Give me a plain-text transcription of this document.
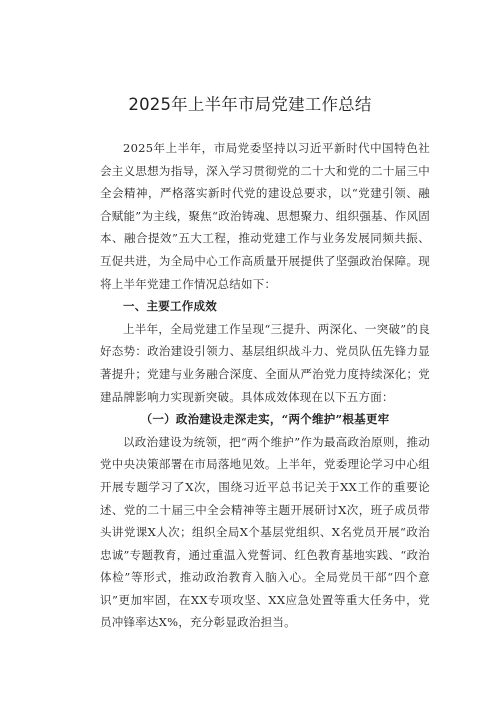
2025年上半年市局党建工作总结

2025年上半年，市局党委坚持以习近平新时代中国特色社会主义思想为指导，深入学习贯彻党的二十大和党的二十届三中全会精神，严格落实新时代党的建设总要求，以“党建引领、融合赋能”为主线，聚焦“政治铸魂、思想聚力、组织强基、作风固本、融合提效”五大工程，推动党建工作与业务发展同频共振、互促共进，为全局中心工作高质量开展提供了坚强政治保障。现将上半年党建工作情况总结如下：

一、主要工作成效

上半年，全局党建工作呈现“三提升、两深化、一突破”的良好态势：政治建设引领力、基层组织战斗力、党员队伍先锋力显著提升；党建与业务融合深度、全面从严治党力度持续深化；党建品牌影响力实现新突破。具体成效体现在以下五方面：

（一）政治建设走深走实，“两个维护”根基更牢

以政治建设为统领，把“两个维护”作为最高政治原则，推动党中央决策部署在市局落地见效。上半年，党委理论学习中心组开展专题学习了X次，围绕习近平总书记关于XX工作的重要论述、党的二十届三中全会精神等主题开展研讨X次，班子成员带头讲党课X人次；组织全局X个基层党组织、X名党员开展“政治忠诚”专题教育，通过重温入党誓词、红色教育基地实践、“政治体检”等形式，推动政治教育入脑入心。全局党员干部“四个意识”更加牢固，在XX专项攻坚、XX应急处置等重大任务中，党员冲锋率达X%，充分彰显政治担当。
